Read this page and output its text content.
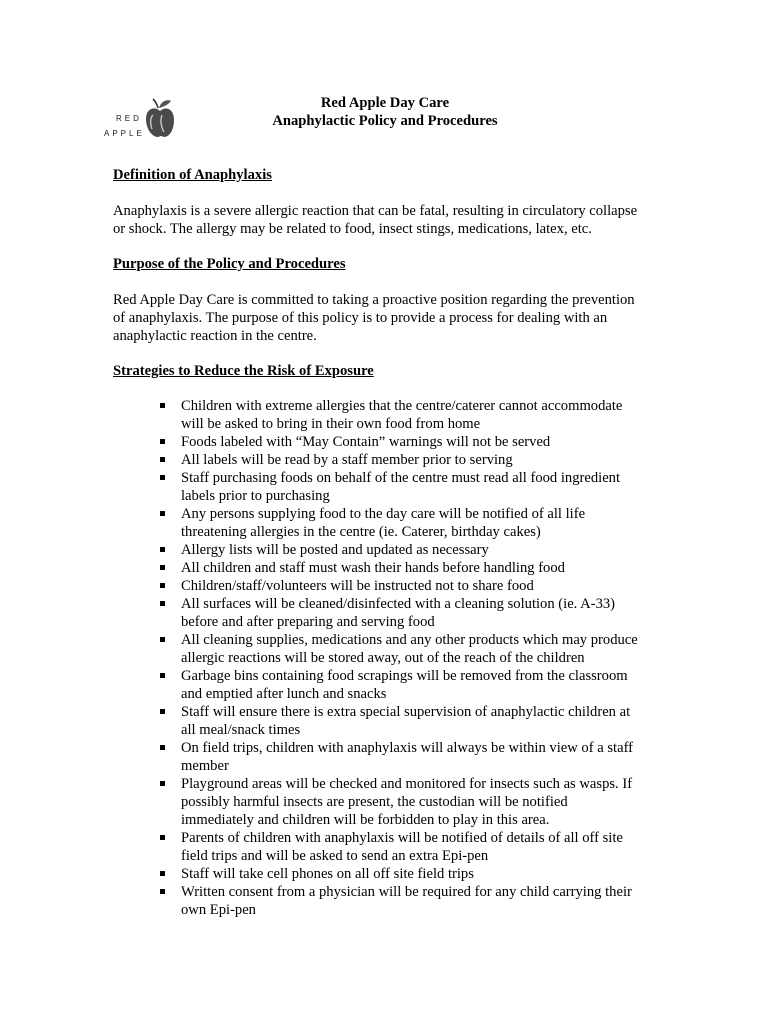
RED
APPLE
Red Apple Day Care
Anaphylactic Policy and Procedures
Definition of Anaphylaxis
Anaphylaxis is a severe allergic reaction that can be fatal, resulting in circulatory collapse
or shock. The allergy may be related to food, insect stings, medications, latex, etc.
Purpose of the Policy and Procedures
Red Apple Day Care is committed to taking a proactive position regarding the prevention
of anaphylaxis. The purpose of this policy is to provide a process for dealing with an
anaphylactic reaction in the centre.
Strategies to Reduce the Risk of Exposure
Children with extreme allergies that the centre/caterer cannot accommodate
will be asked to bring in their own food from home
Foods labeled with “May Contain” warnings will not be served
All labels will be read by a staff member prior to serving
Staff purchasing foods on behalf of the centre must read all food ingredient
labels prior to purchasing
Any persons supplying food to the day care will be notified of all life
threatening allergies in the centre (ie. Caterer, birthday cakes)
Allergy lists will be posted and updated as necessary
All children and staff must wash their hands before handling food
Children/staff/volunteers will be instructed not to share food
All surfaces will be cleaned/disinfected with a cleaning solution (ie. A-33)
before and after preparing and serving food
All cleaning supplies, medications and any other products which may produce
allergic reactions will be stored away, out of the reach of the children
Garbage bins containing food scrapings will be removed from the classroom
and emptied after lunch and snacks
Staff will ensure there is extra special supervision of anaphylactic children at
all meal/snack times
On field trips, children with anaphylaxis will always be within view of a staff
member
Playground areas will be checked and monitored for insects such as wasps. If
possibly harmful insects are present, the custodian will be notified
immediately and children will be forbidden to play in this area.
Parents of children with anaphylaxis will be notified of details of all off site
field trips and will be asked to send an extra Epi-pen
Staff will take cell phones on all off site field trips
Written consent from a physician will be required for any child carrying their
own Epi-pen
